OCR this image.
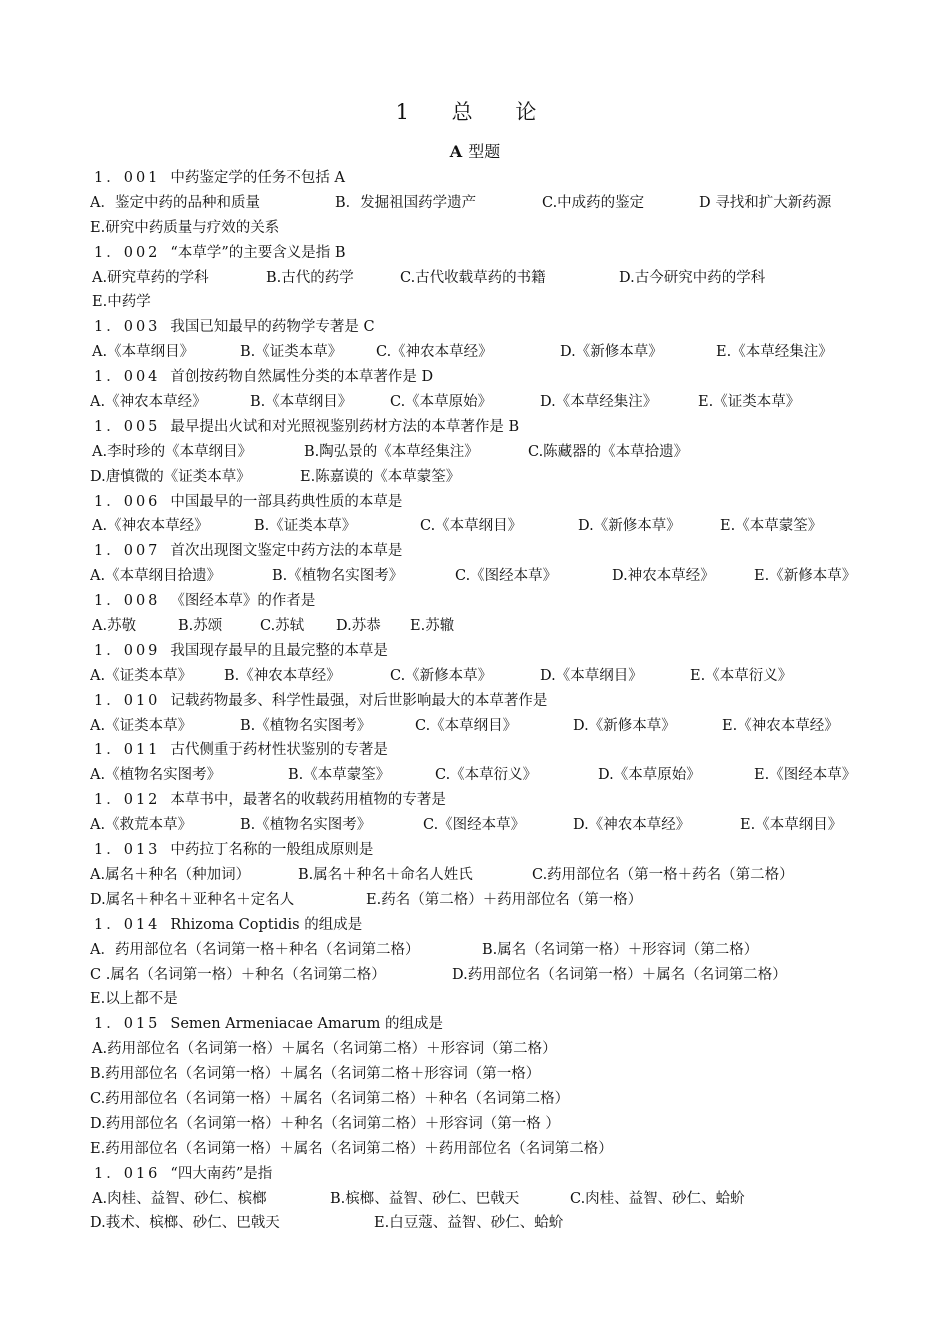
1 总 论
A 型题
1．001 中药鉴定学的任务不包括 A
A．鉴定中药的品种和质量	B．发掘祖国药学遗产	C.中成药的鉴定	D 寻找和扩大新药源
E.研究中药质量与疗效的关系
1．002 “本草学”的主要含义是指 B
A.研究草药的学科	B.古代的药学	C.古代收载草药的书籍	D.古今研究中药的学科
E.中药学
1．003 我国已知最早的药物学专著是 C
A.《本草纲目》	B.《证类本草》 C.《神农本草经》	D.《新修本草》	E.《本草经集注》
1．004 首创按药物自然属性分类的本草著作是 D
A.《神农本草经》	B.《本草纲目》	C.《本草原始》	D.《本草经集注》	E.《证类本草》
1．005 最早提出火试和对光照视鉴别药材方法的本草著作是 B
A.李时珍的《本草纲目》	B.陶弘景的《本草经集注》	C.陈藏器的《本草拾遗》
D.唐慎微的《证类本草》	E.陈嘉谟的《本草蒙筌》
1．006 中国最早的一部具药典性质的本草是
A.《神农本草经》	B.《证类本草》	C.《本草纲目》	D.《新修本草》	E.《本草蒙筌》
1．007 首次出现图文鉴定中药方法的本草是
A.《本草纲目拾遗》	B.《植物名实图考》	C.《图经本草》	D.神农本草经》	E.《新修本草》
1．008 《图经本草》的作者是
A.苏敬	B.苏颂	C.苏轼 D.苏恭 E.苏辙
1．009 我国现存最早的且最完整的本草是
A.《证类本草》 B.《神农本草经》	C.《新修本草》	D.《本草纲目》	E.《本草衍义》
1．010 记载药物最多、科学性最强，对后世影响最大的本草著作是
A.《证类本草》	B.《植物名实图考》	C.《本草纲目》	D.《新修本草》	E.《神农本草经》
1．011 古代侧重于药材性状鉴别的专著是
A.《植物名实图考》	B.《本草蒙筌》	C.《本草衍义》	D.《本草原始》	E.《图经本草》
1．012 本草书中，最著名的收载药用植物的专著是
A.《救荒本草》	B.《植物名实图考》	C.《图经本草》	D.《神农本草经》	E.《本草纲目》
1．013 中药拉丁名称的一般组成原则是
A.属名＋种名（种加词）	B.属名＋种名＋命名人姓氏	C.药用部位名（第一格＋药名（第二格）
D.属名＋种名＋亚种名＋定名人	E.药名（第二格）＋药用部位名（第一格）
1．014 Rhizoma Coptidis 的组成是
A．药用部位名（名词第一格＋种名（名词第二格）	B.属名（名词第一格）＋形容词（第二格）
C .属名（名词第一格）＋种名（名词第二格）	D.药用部位名（名词第一格）＋属名（名词第二格）
E.以上都不是
1．015 Semen Armeniacae Amarum 的组成是
A.药用部位名（名词第一格）＋属名（名词第二格）＋形容词（第二格）
B.药用部位名（名词第一格）＋属名（名词第二格＋形容词（第一格）
C.药用部位名（名词第一格）＋属名（名词第二格）＋种名（名词第二格）
D.药用部位名（名词第一格）＋种名（名词第二格）＋形容词（第一格 ）
E.药用部位名（名词第一格）＋属名（名词第二格）＋药用部位名（名词第二格）
1．016 “四大南药”是指
A.肉桂、益智、砂仁、槟榔	B.槟榔、益智、砂仁、巴戟天	C.肉桂、益智、砂仁、蛤蚧
D.莪术、槟榔、砂仁、巴戟天	E.白豆蔻、益智、砂仁、蛤蚧
